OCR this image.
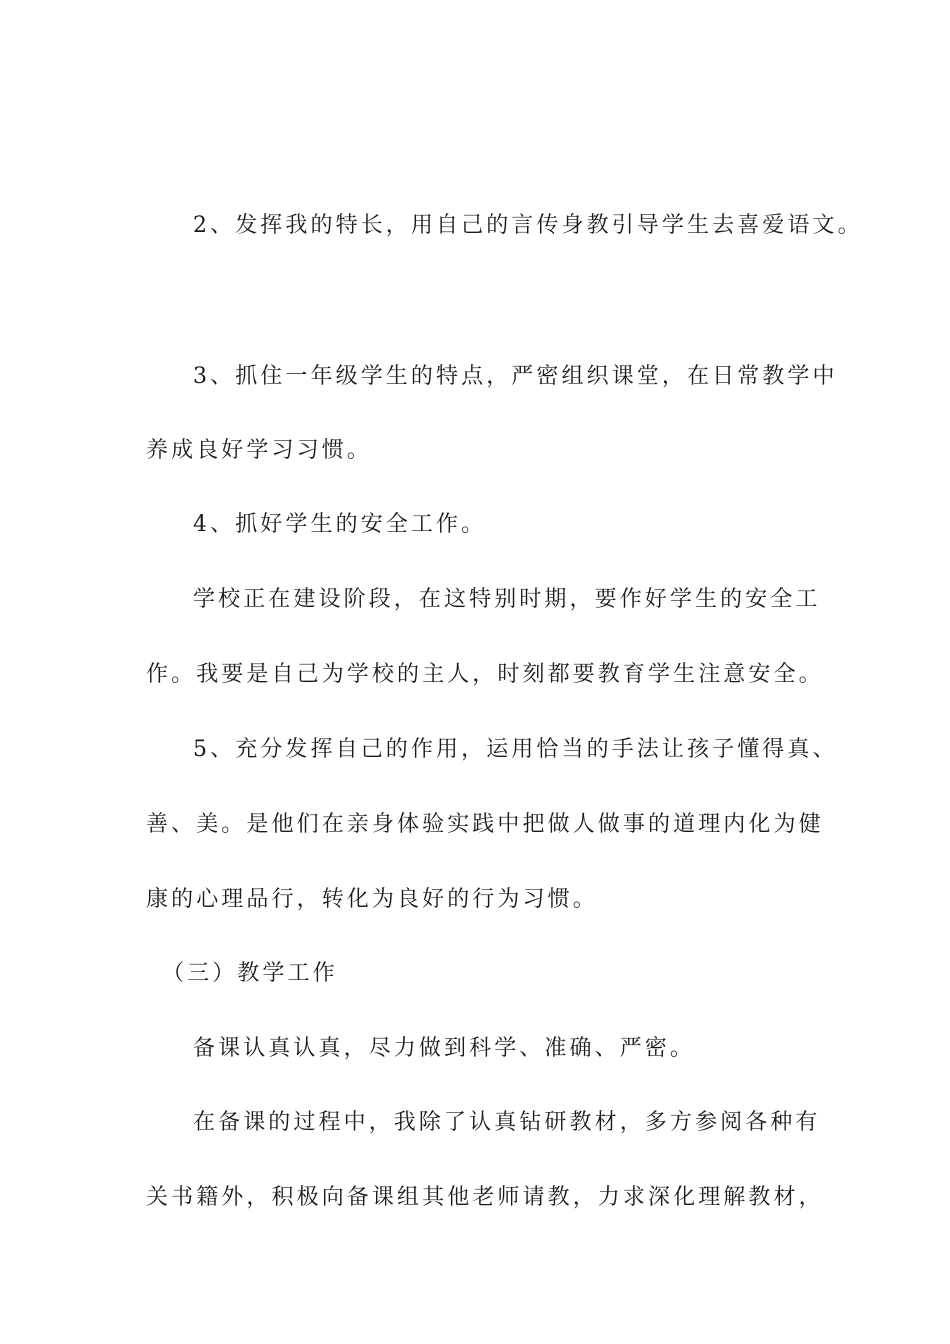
2、发挥我的特长，用自己的言传身教引导学生去喜爱语文。
3、抓住一年级学生的特点，严密组织课堂，在日常教学中
养成良好学习习惯。
4、抓好学生的安全工作。
学校正在建设阶段，在这特别时期，要作好学生的安全工
作。我要是自己为学校的主人，时刻都要教育学生注意安全。
5、充分发挥自己的作用，运用恰当的手法让孩子懂得真、
善、美。是他们在亲身体验实践中把做人做事的道理内化为健
康的心理品行，转化为良好的行为习惯。
（三）教学工作
备课认真认真，尽力做到科学、准确、严密。
在备课的过程中，我除了认真钻研教材，多方参阅各种有
关书籍外，积极向备课组其他老师请教，力求深化理解教材，
